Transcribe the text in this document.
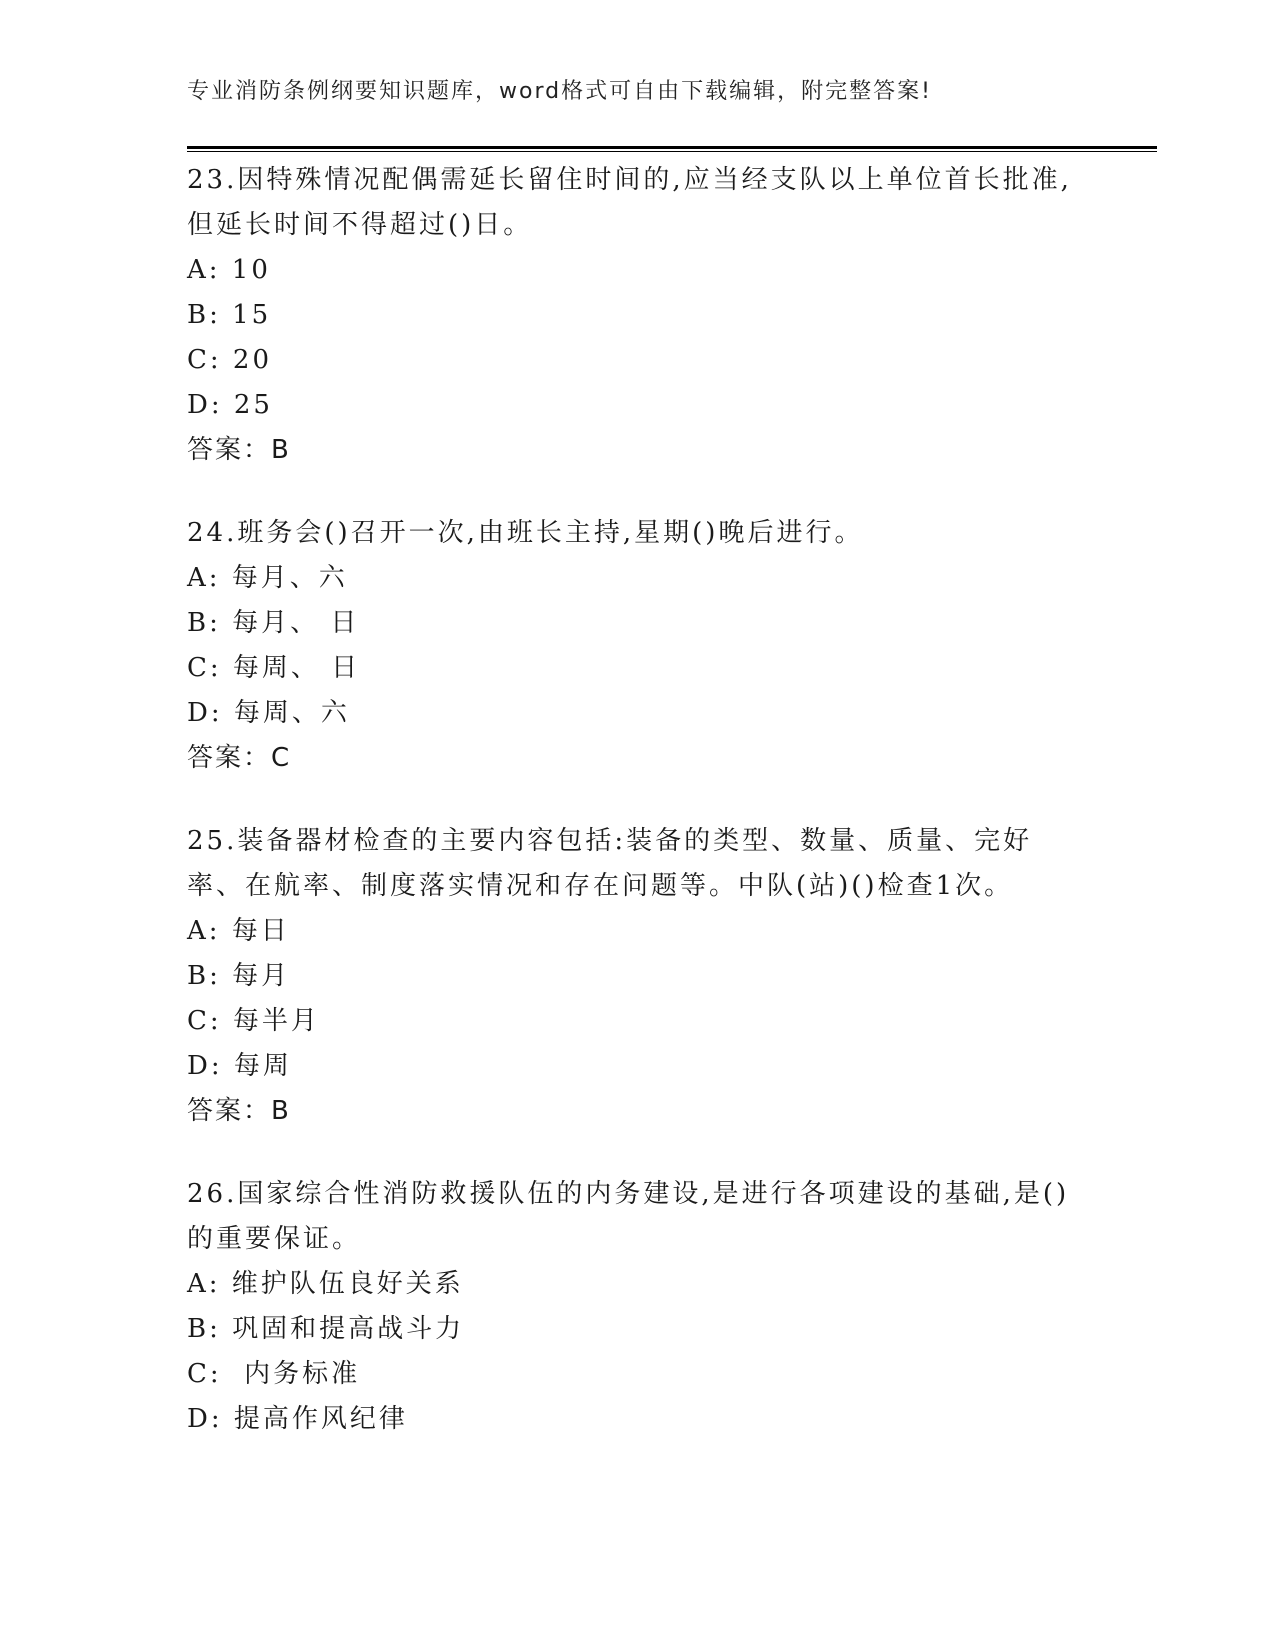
专业消防条例纲要知识题库，word格式可自由下载编辑，附完整答案!

23.因特殊情况配偶需延长留住时间的,应当经支队以上单位首长批准,但延长时间不得超过()日。

A: 10

B: 15

C: 20

D: 25

答案：B

24.班务会()召开一次,由班长主持,星期()晚后进行。

A: 每月、六

B: 每月、 日

C: 每周、 日

D: 每周、六

答案：C

25.装备器材检查的主要内容包括:装备的类型、数量、质量、完好率、在航率、制度落实情况和存在问题等。中队(站)()检查1次。

A: 每日

B: 每月

C: 每半月

D: 每周

答案：B

26.国家综合性消防救援队伍的内务建设,是进行各项建设的基础,是()的重要保证。

A: 维护队伍良好关系

B: 巩固和提高战斗力

C:  内务标准

D: 提高作风纪律
